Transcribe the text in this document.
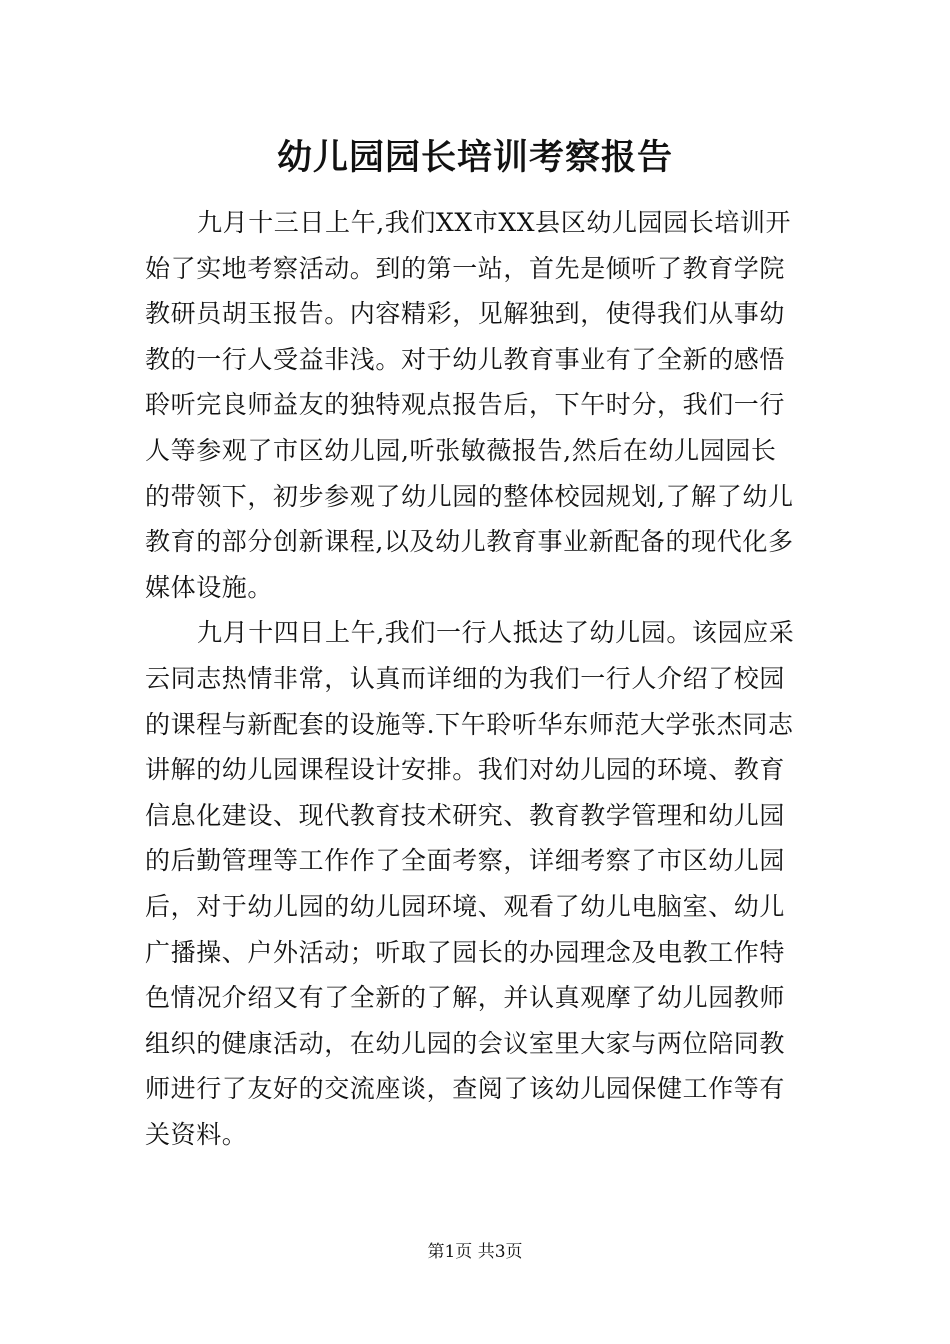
幼儿园园长培训考察报告
九月十三日上午,我们XX市XX县区幼儿园园长培训开
始了实地考察活动。到的第一站，首先是倾听了教育学院
教研员胡玉报告。内容精彩，见解独到，使得我们从事幼
教的一行人受益非浅。对于幼儿教育事业有了全新的感悟
聆听完良师益友的独特观点报告后，下午时分，我们一行
人等参观了市区幼儿园,听张敏薇报告,然后在幼儿园园长
的带领下，初步参观了幼儿园的整体校园规划,了解了幼儿
教育的部分创新课程,以及幼儿教育事业新配备的现代化多
媒体设施。
九月十四日上午,我们一行人抵达了幼儿园。该园应采
云同志热情非常，认真而详细的为我们一行人介绍了校园
的课程与新配套的设施等.下午聆听华东师范大学张杰同志
讲解的幼儿园课程设计安排。我们对幼儿园的环境、教育
信息化建设、现代教育技术研究、教育教学管理和幼儿园
的后勤管理等工作作了全面考察，详细考察了市区幼儿园
后，对于幼儿园的幼儿园环境、观看了幼儿电脑室、幼儿
广播操、户外活动；听取了园长的办园理念及电教工作特
色情况介绍又有了全新的了解，并认真观摩了幼儿园教师
组织的健康活动，在幼儿园的会议室里大家与两位陪同教
师进行了友好的交流座谈，查阅了该幼儿园保健工作等有
关资料。
第1页 共3页
